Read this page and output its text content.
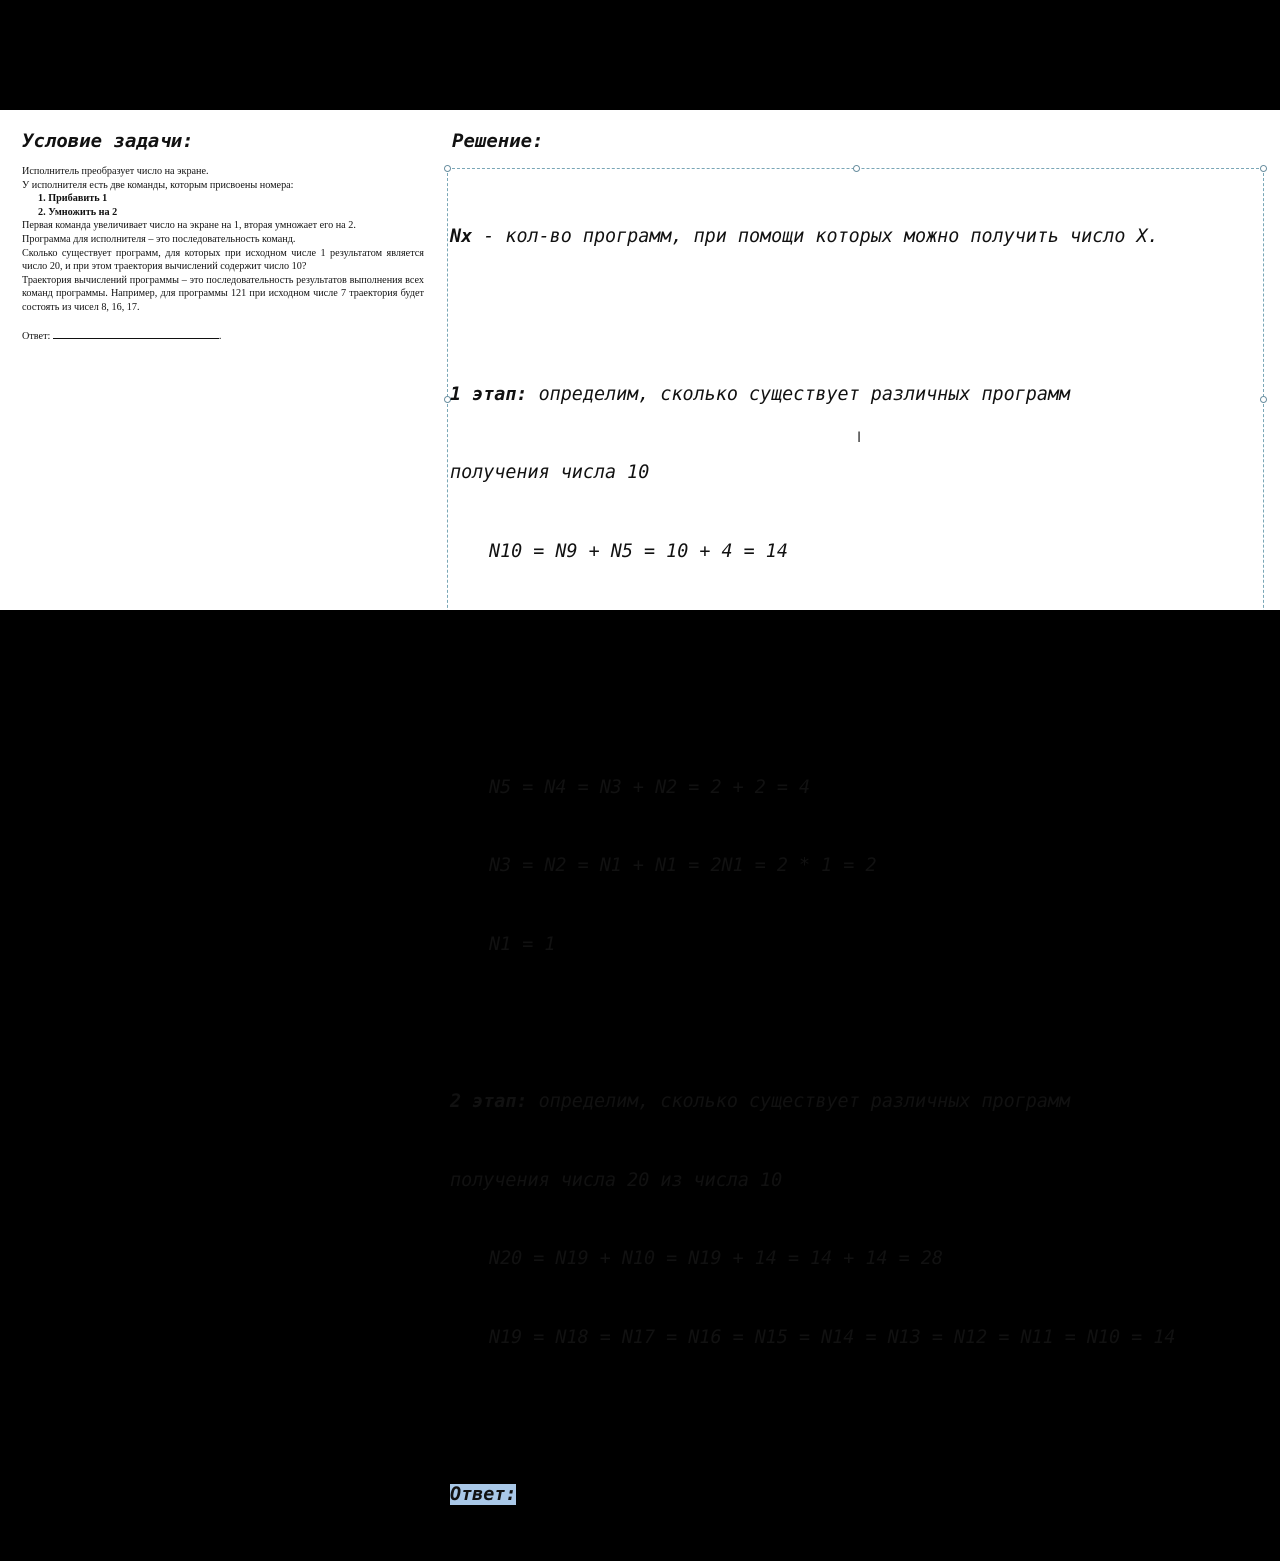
Условие задачи:

Исполнитель преобразует число на экране.

У исполнителя есть две команды, которым присвоены номера:

1. Прибавить 1

2. Умножить на 2

Первая команда увеличивает число на экране на 1, вторая умножает его на 2.

Программа для исполнителя – это последовательность команд.

Сколько существует программ, для которых при исходном числе 1 результатом является число 20, и при этом траектория вычислений содержит число 10?

Траектория вычислений программы – это последовательность результатов выполнения всех команд программы. Например, для программы 121 при исходном числе 7 траектория будет состоять из чисел 8, 16, 17.

Ответ:	.
Решение:

Nx - кол-во программ, при помощи которых можно получить число X.

1 этап: определим, сколько существует различных программ

получения числа 10

N10 = N9 + N5 = 10 + 4 = 14

N5 = N4 = N3 + N2 = 2 + 2 = 4

N3 = N2 = N1 + N1 = 2N1 = 2 * 1 = 2

N1 = 1

2 этап: определим, сколько существует различных программ

получения числа 20 из числа 10

N20 = N19 + N10 = N19 + 14 = 14 + 14 = 28

N19 = N18 = N17 = N16 = N15 = N14 = N13 = N12 = N11 = N10 = 14

Ответ:

I
